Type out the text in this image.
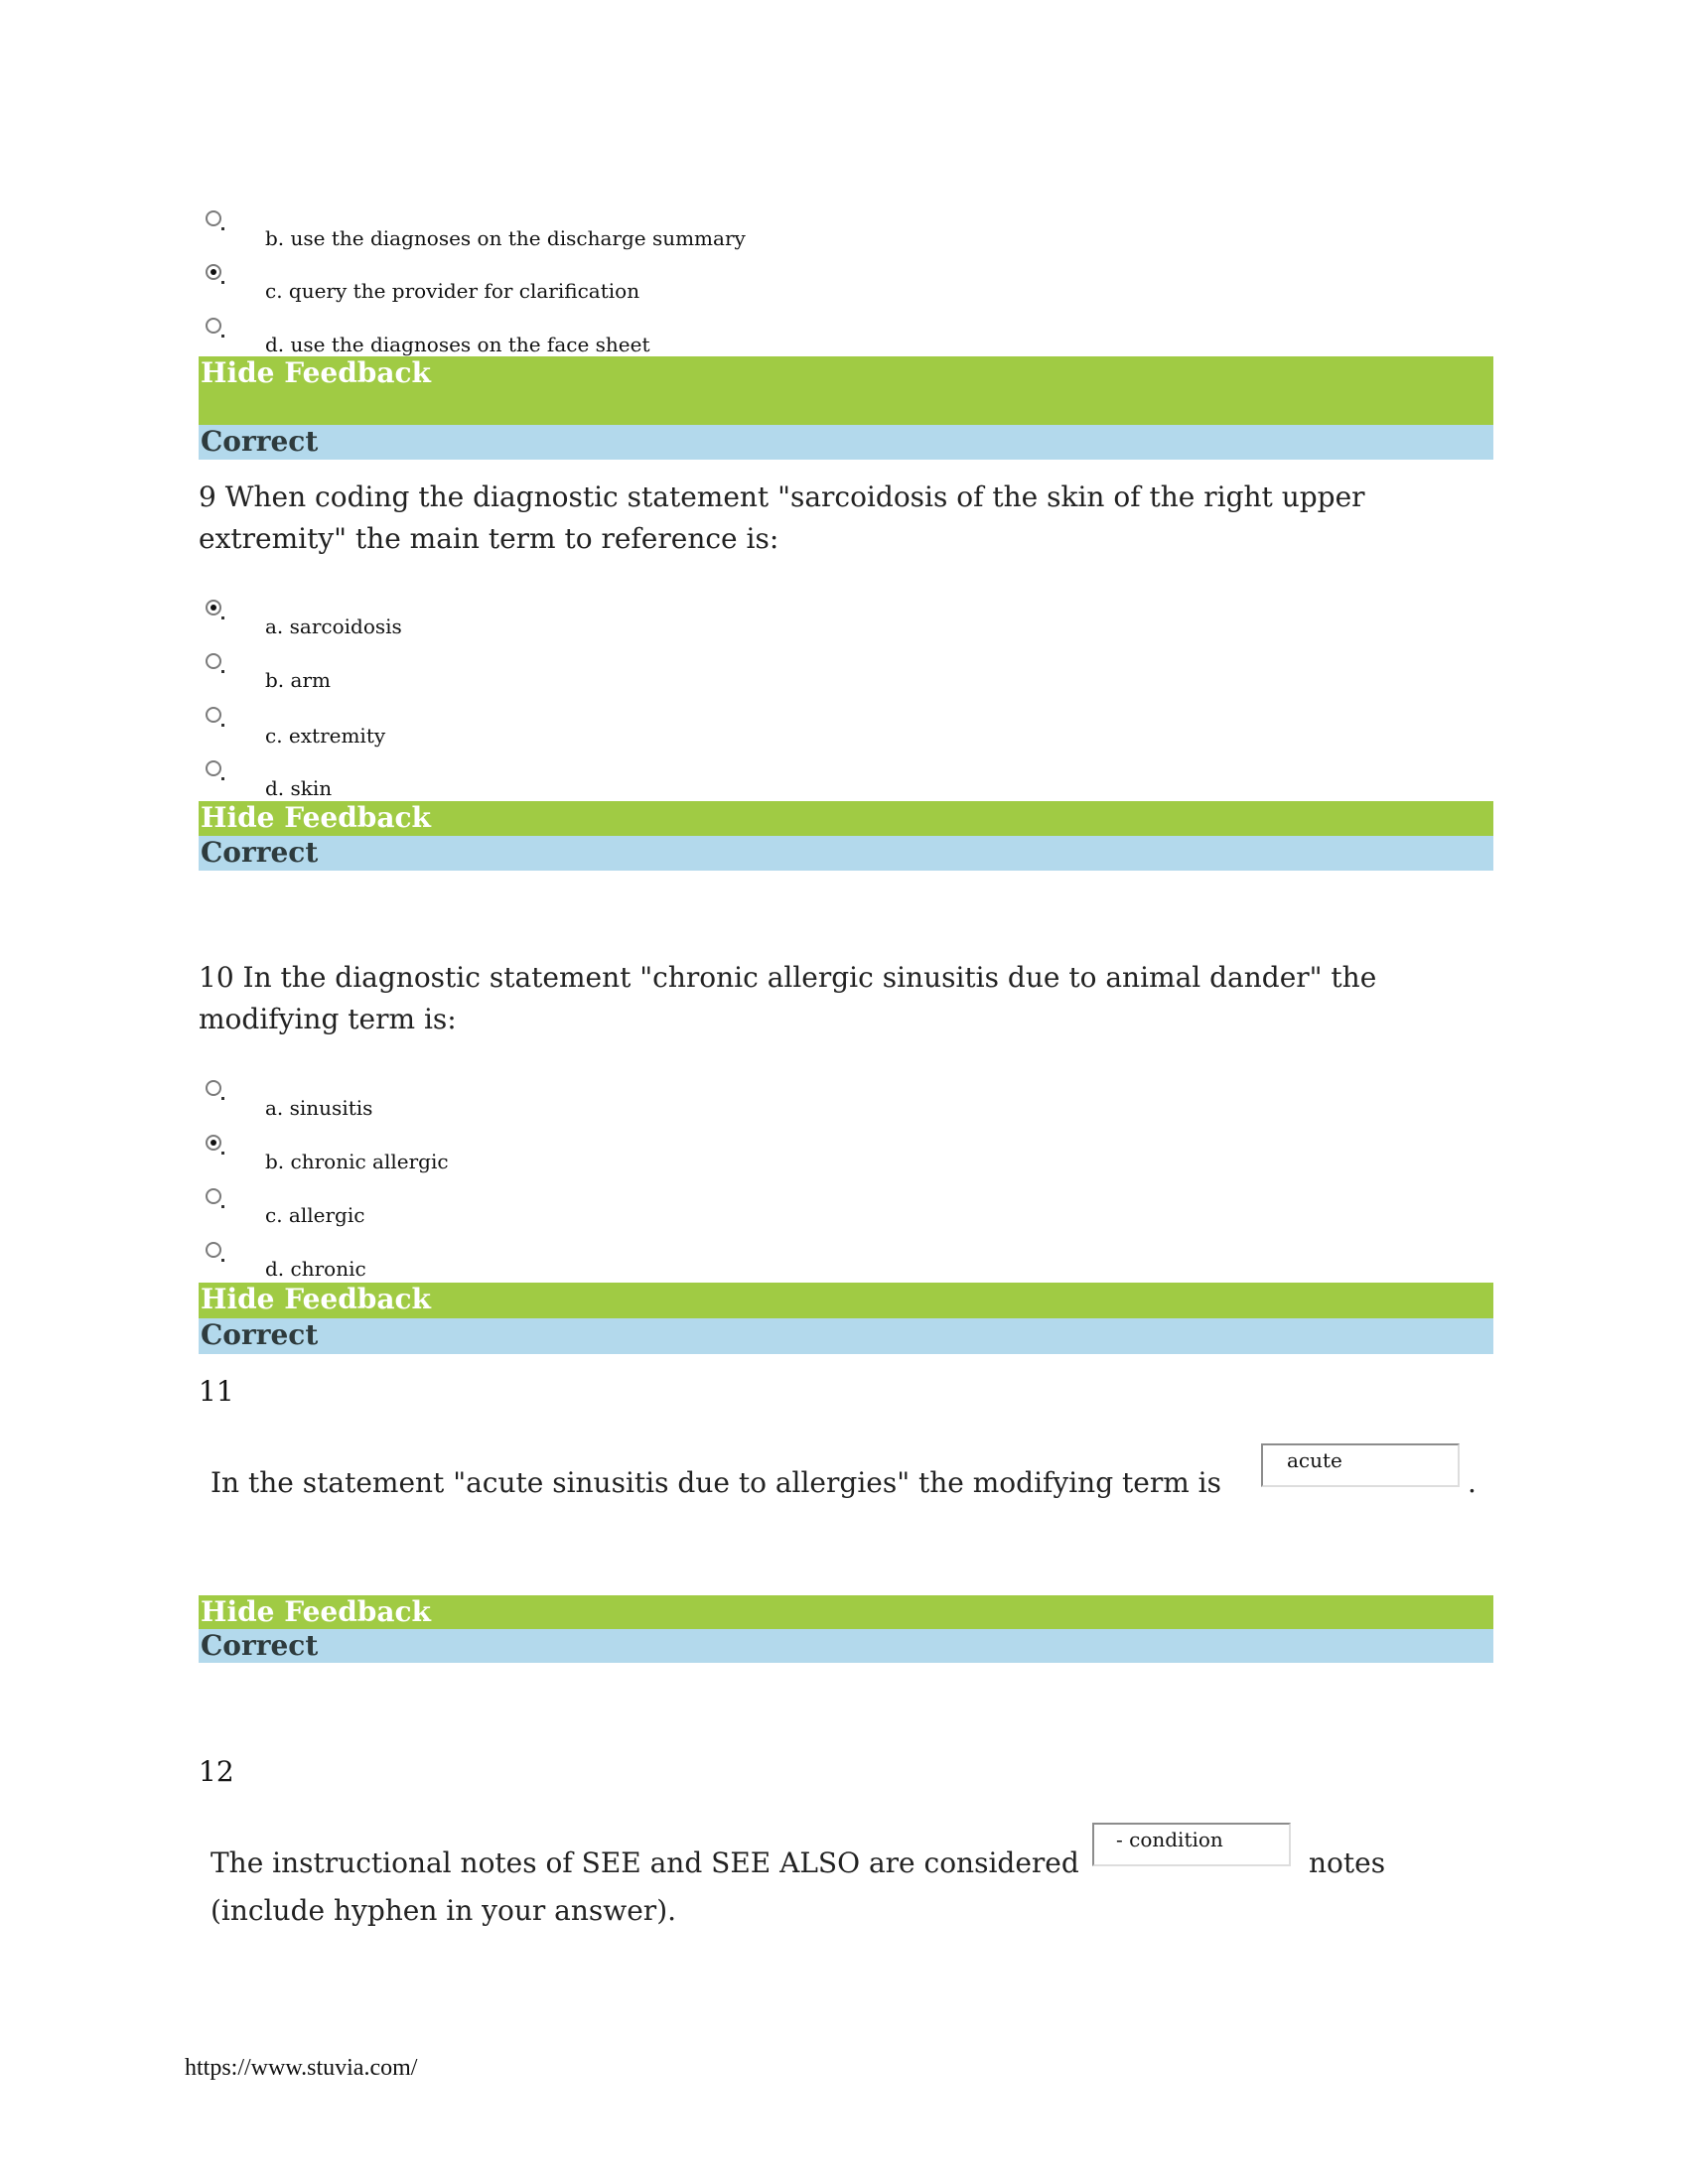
b. use the diagnoses on the discharge summary
c. query the provider for clarification
d. use the diagnoses on the face sheet
Hide Feedback
Correct
9 When coding the diagnostic statement "sarcoidosis of the skin of the right upper extremity" the main term to reference is:
a. sarcoidosis
b. arm
c. extremity
d. skin
Hide Feedback
Correct
10 In the diagnostic statement "chronic allergic sinusitis due to animal dander" the modifying term is:
a. sinusitis
b. chronic allergic
c. allergic
d. chronic
Hide Feedback
Correct
11
In the statement "acute sinusitis due to allergies" the modifying term is
acute
.
Hide Feedback
Correct
12
The instructional notes of SEE and SEE ALSO are considered
- condition
notes
(include hyphen in your answer).
https://www.stuvia.com/
